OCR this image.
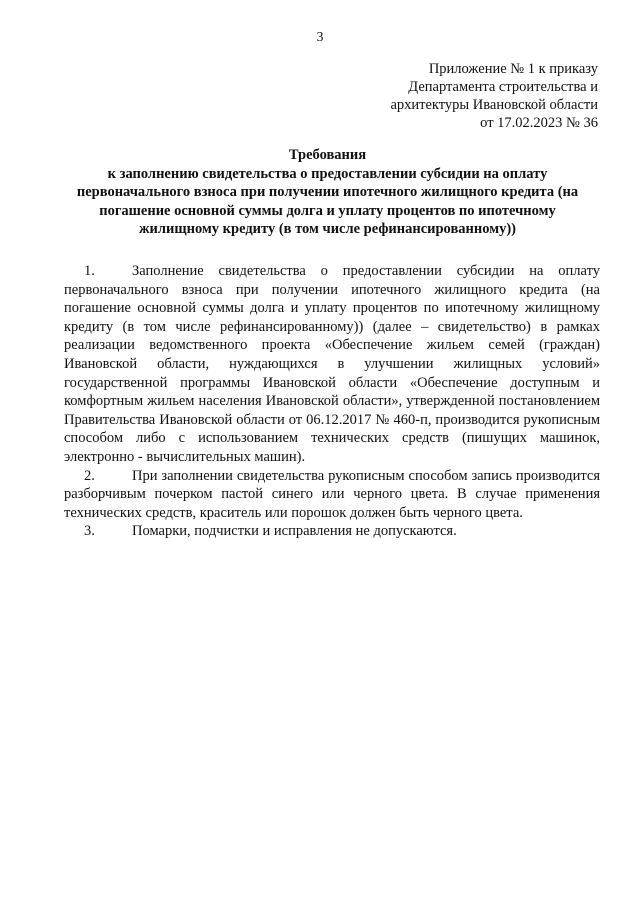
3
Приложение № 1 к приказу
Департамента строительства и
архитектуры Ивановской области
от 17.02.2023 № 36
Требования
к заполнению свидетельства о предоставлении субсидии на оплату
первоначального взноса при получении ипотечного жилищного кредита (на
погашение основной суммы долга и уплату процентов по ипотечному
жилищному кредиту (в том числе рефинансированному))

1.	Заполнение свидетельства о предоставлении субсидии на оплату первоначального взноса при получении ипотечного жилищного кредита (на погашение основной суммы долга и уплату процентов по ипотечному жилищному кредиту (в том числе рефинансированному)) (далее – свидетельство) в рамках реализации ведомственного проекта «Обеспечение жильем семей (граждан) Ивановской области, нуждающихся в улучшении жилищных условий» государственной программы Ивановской области «Обеспечение доступным и комфортным жильем населения Ивановской области», утвержденной постановлением Правительства Ивановской области от 06.12.2017 № 460-п, производится рукописным способом либо с использованием технических средств (пишущих машинок, электронно - вычислительных машин).

2.	При заполнении свидетельства рукописным способом запись производится разборчивым почерком пастой синего или черного цвета. В случае применения технических средств, краситель или порошок должен быть черного цвета.

3.	Помарки, подчистки и исправления не допускаются.
